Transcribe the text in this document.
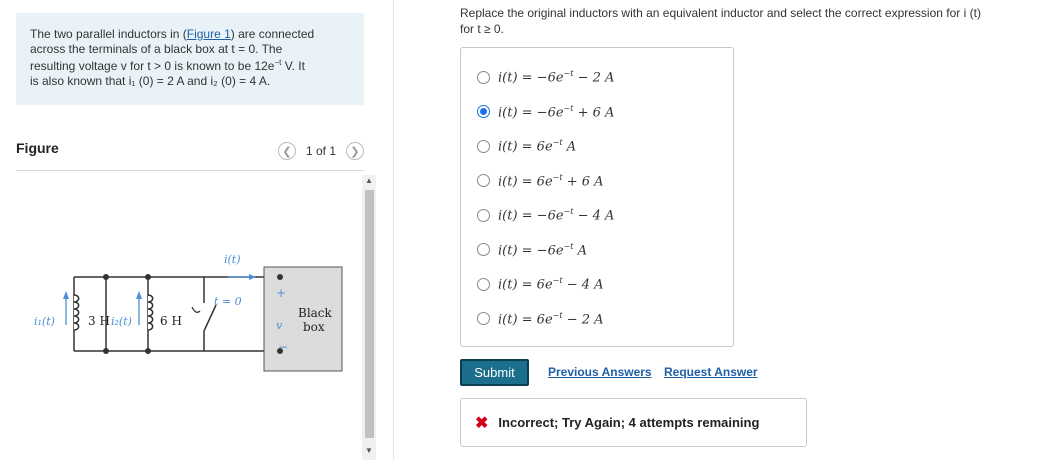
The two parallel inductors in (Figure 1) are connected
across the terminals of a black box at t = 0. The
resulting voltage v for t > 0 is known to be $12e^{-t}$ V. It
is also known that i₁ (0) = 2 A and i₂ (0) = 4 A.
Figure	❮	1 of 1	❯
i₁(t)	3 H i₂(t) 6 H
t = 0
i(t)
+
v
−
Black
box
▲
▼
Replace the original inductors with an equivalent inductor and select the correct expression for i (t)
for t ≥ 0.
$i(t) = -6e^{-t} - 2$ A
$i(t) = -6e^{-t} + 6$ A
$i(t) = 6e^{-t}$ A
$i(t) = 6e^{-t} + 6$ A
$i(t) = -6e^{-t} - 4$ A
$i(t) = -6e^{-t}$ A
$i(t) = 6e^{-t} - 4$ A
$i(t) = 6e^{-t} - 2$ A
Submit	Previous Answers Request Answer
✖ Incorrect; Try Again; 4 attempts remaining
